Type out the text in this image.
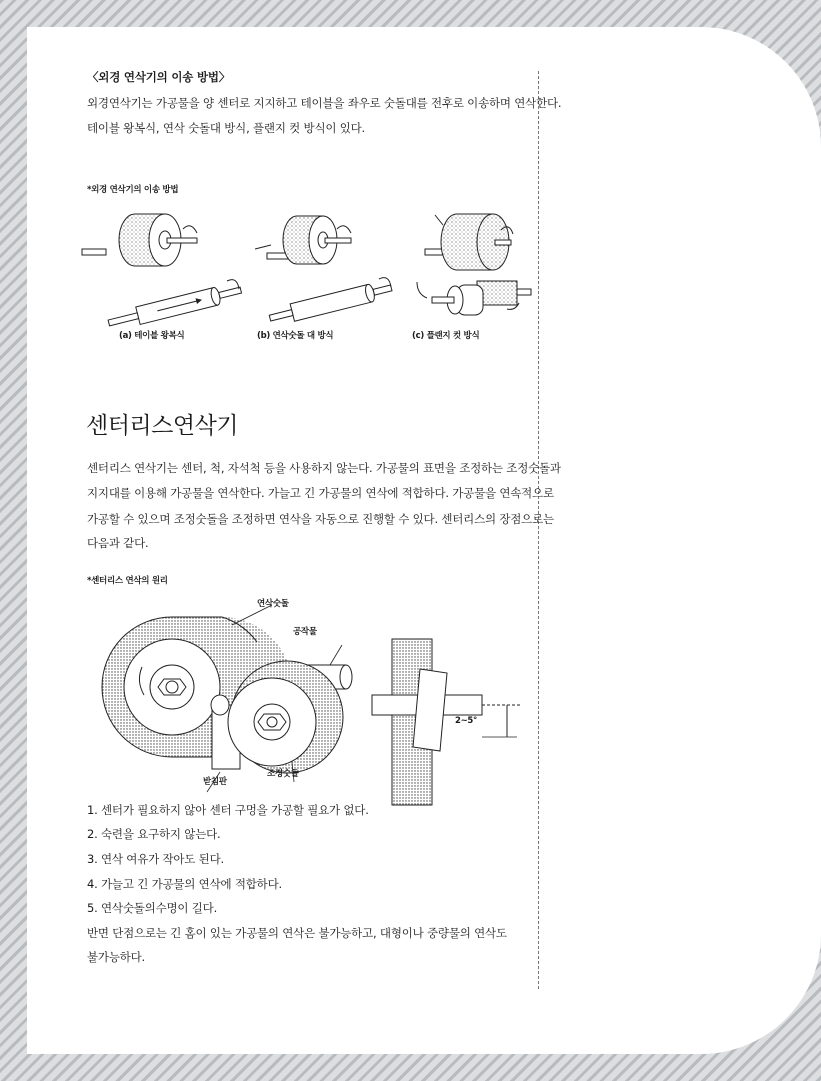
〈외경 연삭기의 이송 방법〉
외경연삭기는 가공물을 양 센터로 지지하고 테이블을 좌우로 숫돌대를 전후로 이송하며 연삭한다.
테이블 왕복식, 연삭 숫돌대 방식, 플랜지 컷 방식이 있다.
*외경 연삭기의 이송 방법
(a) 테이블 왕복식	(b) 연삭숫돌 대 방식	(c) 플랜지 컷 방식
센터리스연삭기
센터리스 연삭기는 센터, 척, 자석척 등을 사용하지 않는다. 가공물의 표면을 조정하는 조정숫돌과
지지대를 이용해 가공물을 연삭한다. 가늘고 긴 가공물의 연삭에 적합하다. 가공물을 연속적으로
가공할 수 있으며 조정숫돌을 조정하면 연삭을 자동으로 진행할 수 있다. 센터리스의 장점으로는
다음과 같다.
*센터리스 연삭의 원리
연삭숫돌
공작물
2~5°
받침판
조정숫돌
1. 센터가 필요하지 않아 센터 구멍을 가공할 필요가 없다.
2. 숙련을 요구하지 않는다.
3. 연삭 여유가 작아도 된다.
4. 가늘고 긴 가공물의 연삭에 적합하다.
5. 연삭숫돌의수명이 길다.
반면 단점으로는 긴 홈이 있는 가공물의 연삭은 불가능하고, 대형이나 중량물의 연삭도
불가능하다.
